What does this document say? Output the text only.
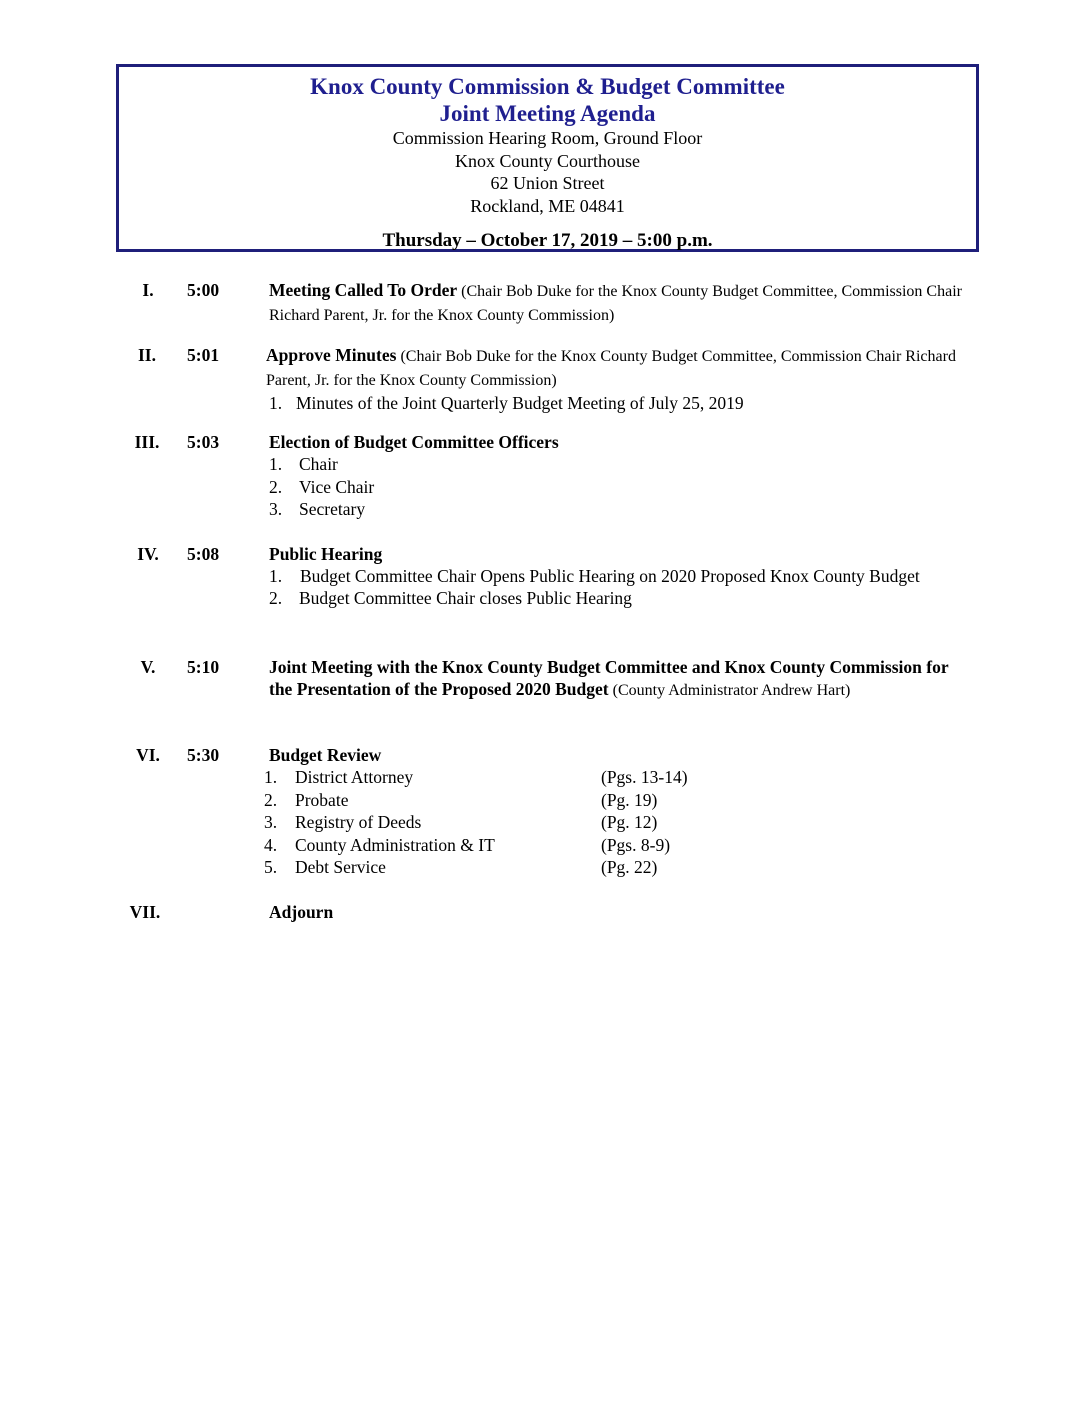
Knox County Commission & Budget Committee
Joint Meeting Agenda
Commission Hearing Room, Ground Floor
Knox County Courthouse
62 Union Street
Rockland, ME 04841
Thursday – October 17, 2019 – 5:00 p.m.
I.	5:00	Meeting Called To Order (Chair Bob Duke for the Knox County Budget Committee, Commission Chair Richard Parent, Jr. for the Knox County Commission)
II.	5:01	Approve Minutes (Chair Bob Duke for the Knox County Budget Committee, Commission Chair Richard Parent, Jr. for the Knox County Commission)
1. Minutes of the Joint Quarterly Budget Meeting of July 25, 2019
III.	5:03	Election of Budget Committee Officers
1. Chair
2. Vice Chair
3. Secretary
IV.	5:08	Public Hearing
1.	Budget Committee Chair Opens Public Hearing on 2020 Proposed Knox County Budget
2. Budget Committee Chair closes Public Hearing
V.	5:10	Joint Meeting with the Knox County Budget Committee and Knox County Commission for the Presentation of the Proposed 2020 Budget (County Administrator Andrew Hart)
VI.	5:30	Budget Review
1. District Attorney	(Pgs. 13-14)
2. Probate	(Pg. 19)
3. Registry of Deeds	(Pg. 12)
4. County Administration & IT	(Pgs. 8-9)
5. Debt Service	(Pg. 22)
VII.	Adjourn
